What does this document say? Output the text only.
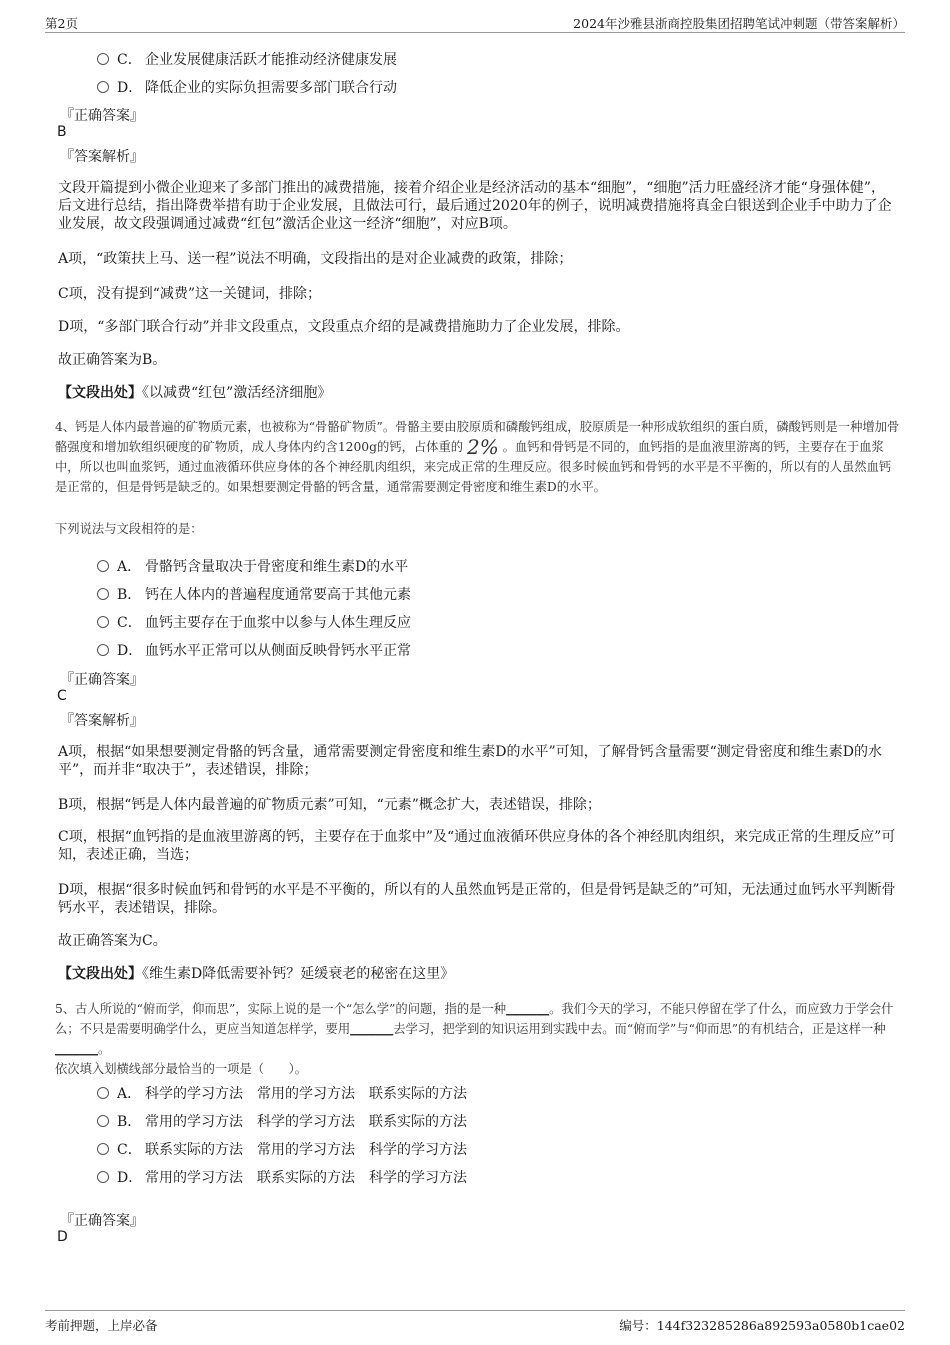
第2页	2024年沙雅县浙商控股集团招聘笔试冲刺题（带答案解析）
C． 企业发展健康活跃才能推动经济健康发展
D． 降低企业的实际负担需要多部门联合行动
『正确答案』
B
『答案解析』
文段开篇提到小微企业迎来了多部门推出的减费措施，接着介绍企业是经济活动的基本“细胞”，“细胞”活力旺盛经济才能“身强体健”，后文进行总结，指出降费举措有助于企业发展，且做法可行，最后通过2020年的例子，说明减费措施将真金白银送到企业手中助力了企业发展，故文段强调通过减费“红包”激活企业这一经济“细胞”，对应B项。
A项，“政策扶上马、送一程”说法不明确，文段指出的是对企业减费的政策，排除；
C项，没有提到“减费”这一关键词，排除；
D项，“多部门联合行动”并非文段重点，文段重点介绍的是减费措施助力了企业发展，排除。
故正确答案为B。
【文段出处】《以减费“红包”激活经济细胞》
4、钙是人体内最普遍的矿物质元素，也被称为“骨骼矿物质”。骨骼主要由胶原质和磷酸钙组成，胶原质是一种形成软组织的蛋白质，磷酸钙则是一种增加骨骼强度和增加软组织硬度的矿物质，成人身体内约含1200g的钙，占体重的 2% 。血钙和骨钙是不同的，血钙指的是血液里游离的钙，主要存在于血浆中，所以也叫血浆钙，通过血液循环供应身体的各个神经肌肉组织，来完成正常的生理反应。很多时候血钙和骨钙的水平是不平衡的，所以有的人虽然血钙是正常的，但是骨钙是缺乏的。如果想要测定骨骼的钙含量，通常需要测定骨密度和维生素D的水平。
下列说法与文段相符的是：
A． 骨骼钙含量取决于骨密度和维生素D的水平
B． 钙在人体内的普遍程度通常要高于其他元素
C． 血钙主要存在于血浆中以参与人体生理反应
D． 血钙水平正常可以从侧面反映骨钙水平正常
『正确答案』
C
『答案解析』
A项，根据“如果想要测定骨骼的钙含量，通常需要测定骨密度和维生素D的水平”可知，了解骨钙含量需要“测定骨密度和维生素D的水平”，而并非“取决于”，表述错误，排除；
B项，根据“钙是人体内最普遍的矿物质元素”可知，“元素”概念扩大，表述错误，排除；
C项，根据“血钙指的是血液里游离的钙，主要存在于血浆中”及“通过血液循环供应身体的各个神经肌肉组织，来完成正常的生理反应”可知，表述正确，当选；
D项，根据“很多时候血钙和骨钙的水平是不平衡的，所以有的人虽然血钙是正常的，但是骨钙是缺乏的”可知，无法通过血钙水平判断骨钙水平，表述错误，排除。
故正确答案为C。
【文段出处】《维生素D降低需要补钙？延缓衰老的秘密在这里》
5、古人所说的“俯而学，仰而思”，实际上说的是一个“怎么学”的问题，指的是一种_______。我们今天的学习，不能只停留在学了什么，而应致力于学会什么；不只是需要明确学什么，更应当知道怎样学，要用_______去学习，把学到的知识运用到实践中去。而“俯而学”与“仰而思”的有机结合，正是这样一种_______。
依次填入划横线部分最恰当的一项是（　　）。
A． 科学的学习方法　常用的学习方法　联系实际的方法
B． 常用的学习方法　科学的学习方法　联系实际的方法
C． 联系实际的方法　常用的学习方法　科学的学习方法
D． 常用的学习方法　联系实际的方法　科学的学习方法
『正确答案』
D
考前押题，上岸必备	编号：144f323285286a892593a0580b1cae02
